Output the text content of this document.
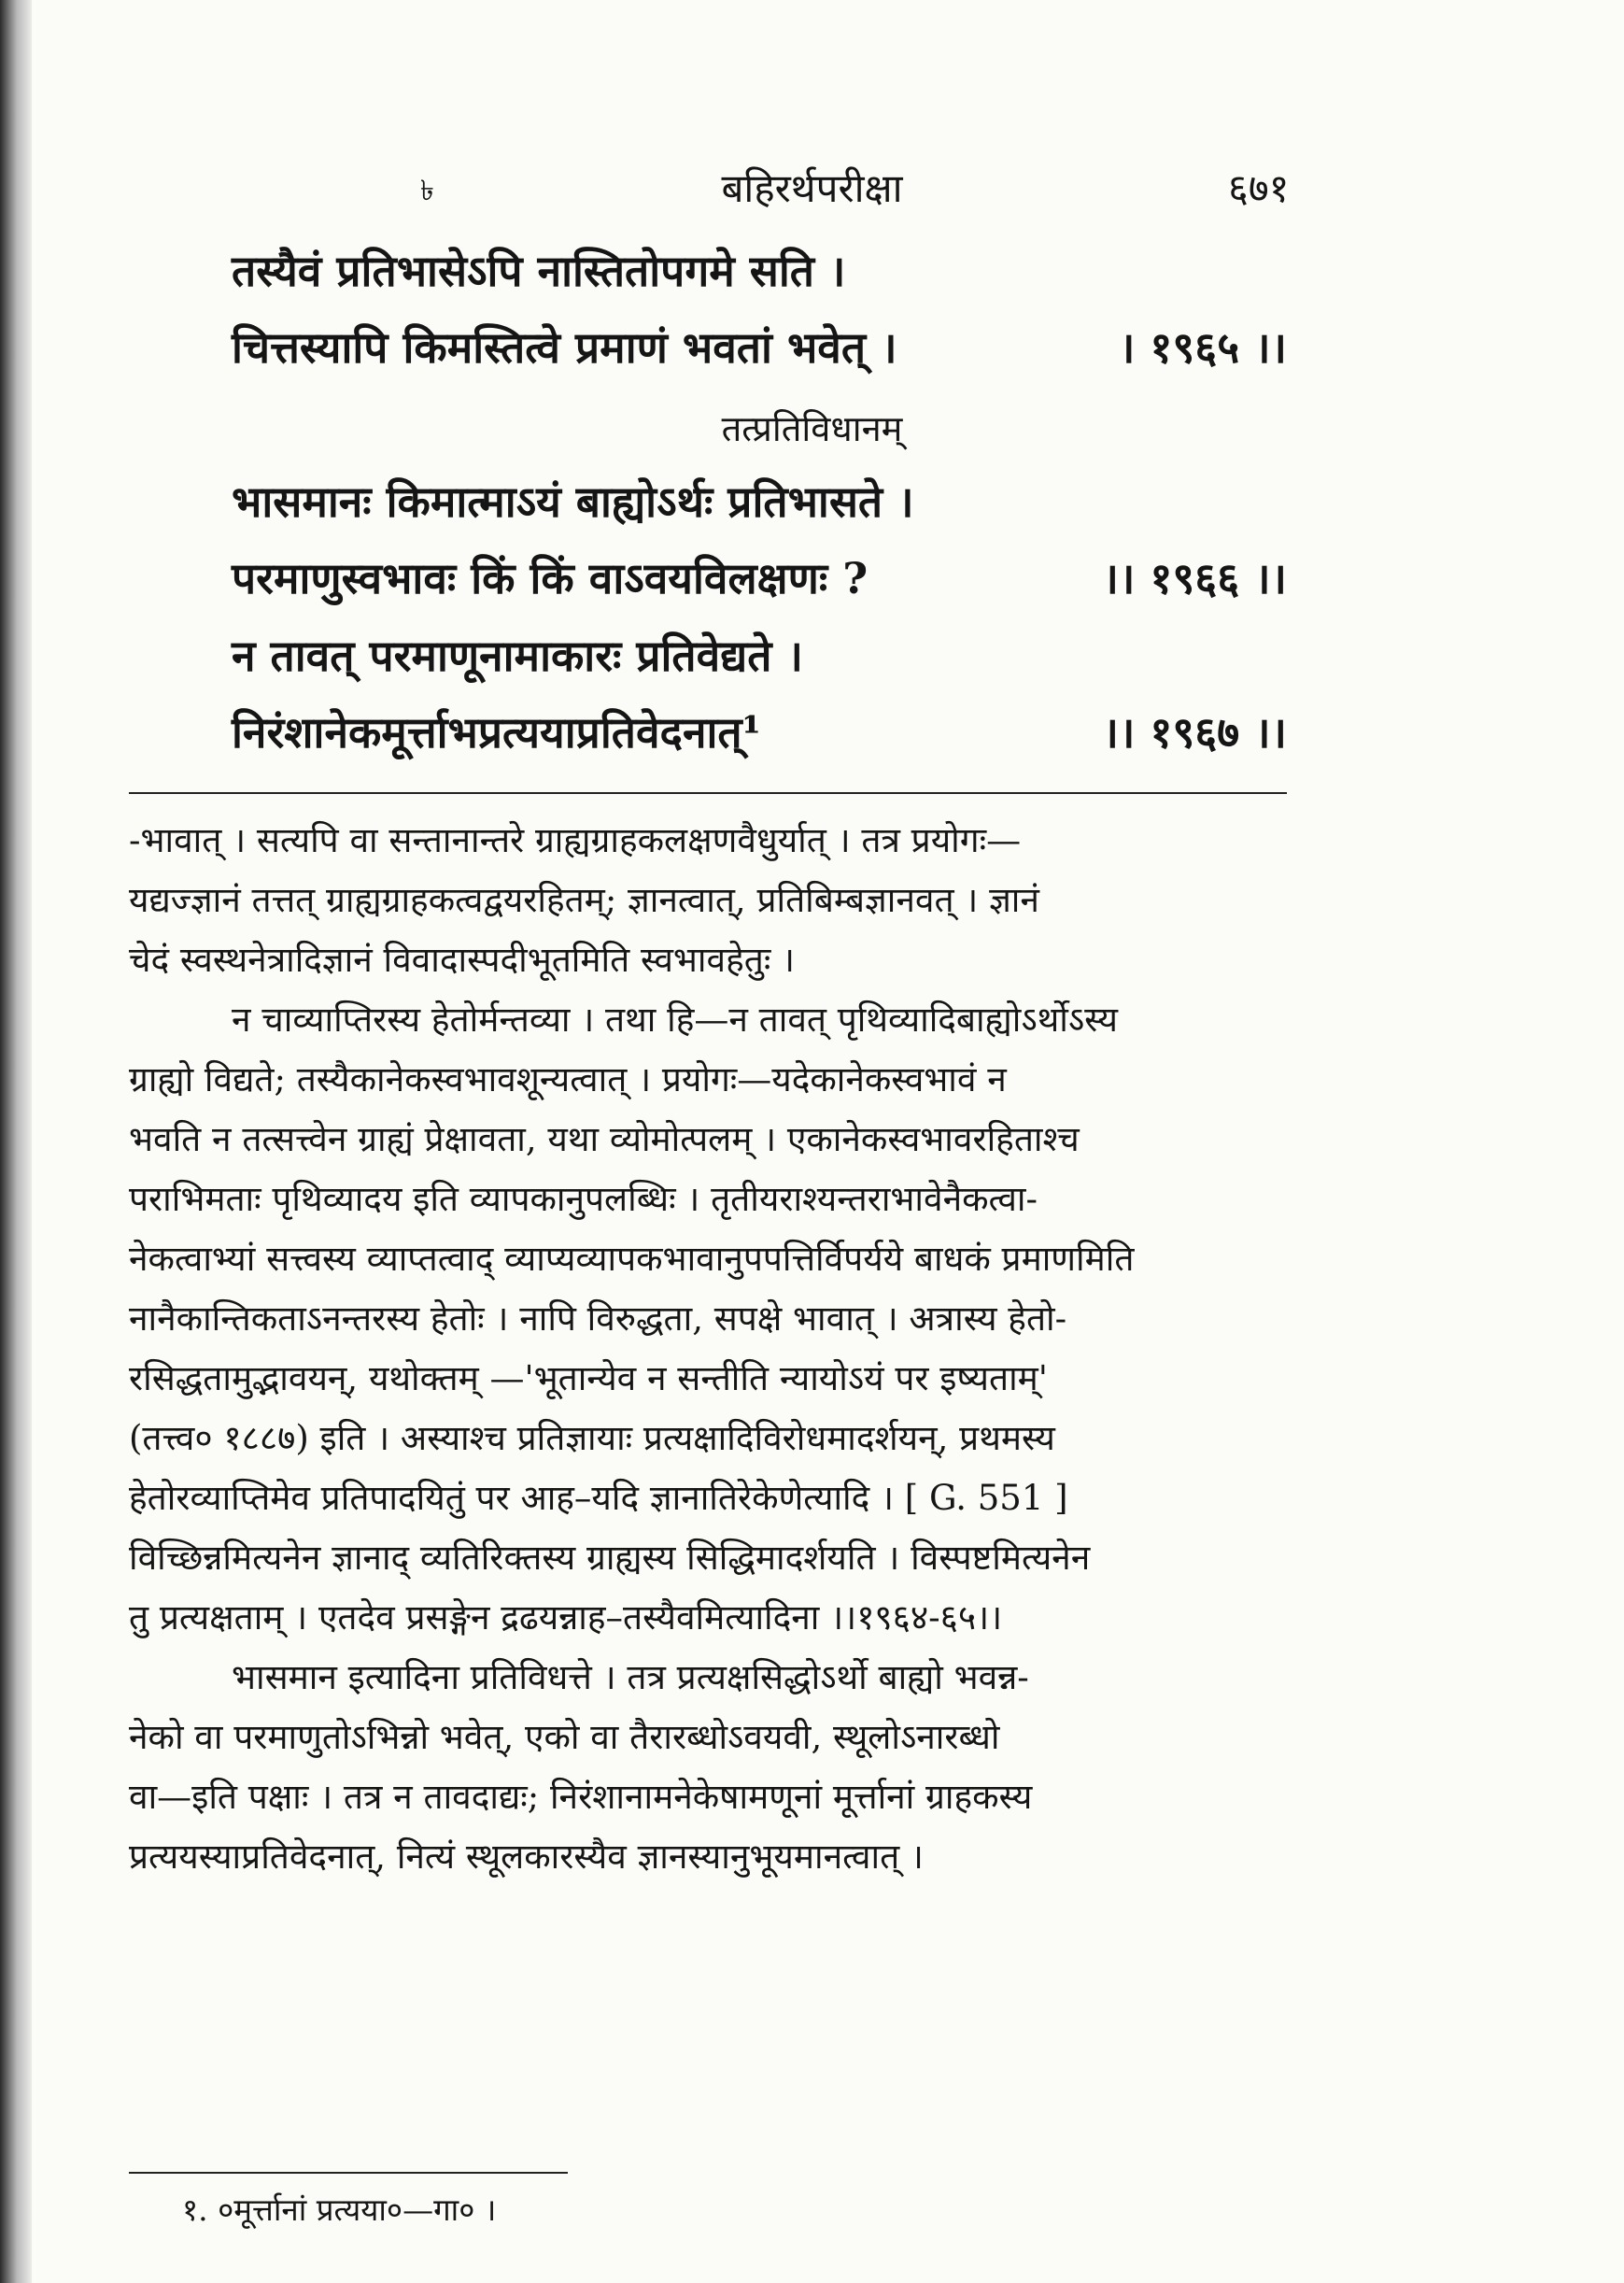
৳	बहिरर्थपरीक्षा	६७१
तस्यैवं प्रतिभासेऽपि नास्तितोपगमे सति ।
चित्तस्यापि किमस्तित्वे प्रमाणं भवतां भवेत् ।	। १९६५ ।।
तत्प्रतिविधानम्
भासमानः किमात्माऽयं बाह्योऽर्थः प्रतिभासते ।
परमाणुस्वभावः किं किं वाऽवयविलक्षणः ?	।। १९६६ ।।
न तावत् परमाणूनामाकारः प्रतिवेद्यते ।
निरंशानेकमूर्त्ताभप्रत्ययाप्रतिवेदनात्¹	।। १९६७ ।।
-भावात् । सत्यपि वा सन्तानान्तरे ग्राह्यग्राहकलक्षणवैधुर्यात् । तत्र प्रयोगः—
यद्यज्ज्ञानं तत्तत् ग्राह्यग्राहकत्वद्वयरहितम्; ज्ञानत्वात्, प्रतिबिम्बज्ञानवत् । ज्ञानं
चेदं स्वस्थनेत्रादिज्ञानं विवादास्पदीभूतमिति स्वभावहेतुः ।
न चाव्याप्तिरस्य हेतोर्मन्तव्या । तथा हि—न तावत् पृथिव्यादिबाह्योऽर्थोऽस्य
ग्राह्यो विद्यते; तस्यैकानेकस्वभावशून्यत्वात् । प्रयोगः—यदेकानेकस्वभावं न
भवति न तत्सत्त्वेन ग्राह्यं प्रेक्षावता, यथा व्योमोत्पलम् । एकानेकस्वभावरहिताश्च
पराभिमताः पृथिव्यादय इति व्यापकानुपलब्धिः । तृतीयराश्यन्तराभावेनैकत्वा-
नेकत्वाभ्यां सत्त्वस्य व्याप्तत्वाद् व्याप्यव्यापकभावानुपपत्तिर्विपर्यये बाधकं प्रमाणमिति
नानैकान्तिकताऽनन्तरस्य हेतोः । नापि विरुद्धता, सपक्षे भावात् । अत्रास्य हेतो-
रसिद्धतामुद्भावयन्, यथोक्तम् —'भूतान्येव न सन्तीति न्यायोऽयं पर इष्यताम्'
(तत्त्व० १८८७) इति । अस्याश्च प्रतिज्ञायाः प्रत्यक्षादिविरोधमादर्शयन्, प्रथमस्य
हेतोरव्याप्तिमेव प्रतिपादयितुं पर आह–यदि ज्ञानातिरेकेणेत्यादि । [ G. 551 ]
विच्छिन्नमित्यनेन ज्ञानाद् व्यतिरिक्तस्य ग्राह्यस्य सिद्धिमादर्शयति । विस्पष्टमित्यनेन
तु प्रत्यक्षताम् । एतदेव प्रसङ्गेन द्रढयन्नाह–तस्यैवमित्यादिना ।।१९६४-६५।।
भासमान इत्यादिना प्रतिविधत्ते । तत्र प्रत्यक्षसिद्धोऽर्थो बाह्यो भवन्न-
नेको वा परमाणुतोऽभिन्नो भवेत्, एको वा तैरारब्धोऽवयवी, स्थूलोऽनारब्धो
वा—इति पक्षाः । तत्र न तावदाद्यः; निरंशानामनेकेषामणूनां मूर्त्तानां ग्राहकस्य
प्रत्ययस्याप्रतिवेदनात्, नित्यं स्थूलकारस्यैव ज्ञानस्यानुभूयमानत्वात् ।
१. ०मूर्त्तानां प्रत्यया०—गा० ।
